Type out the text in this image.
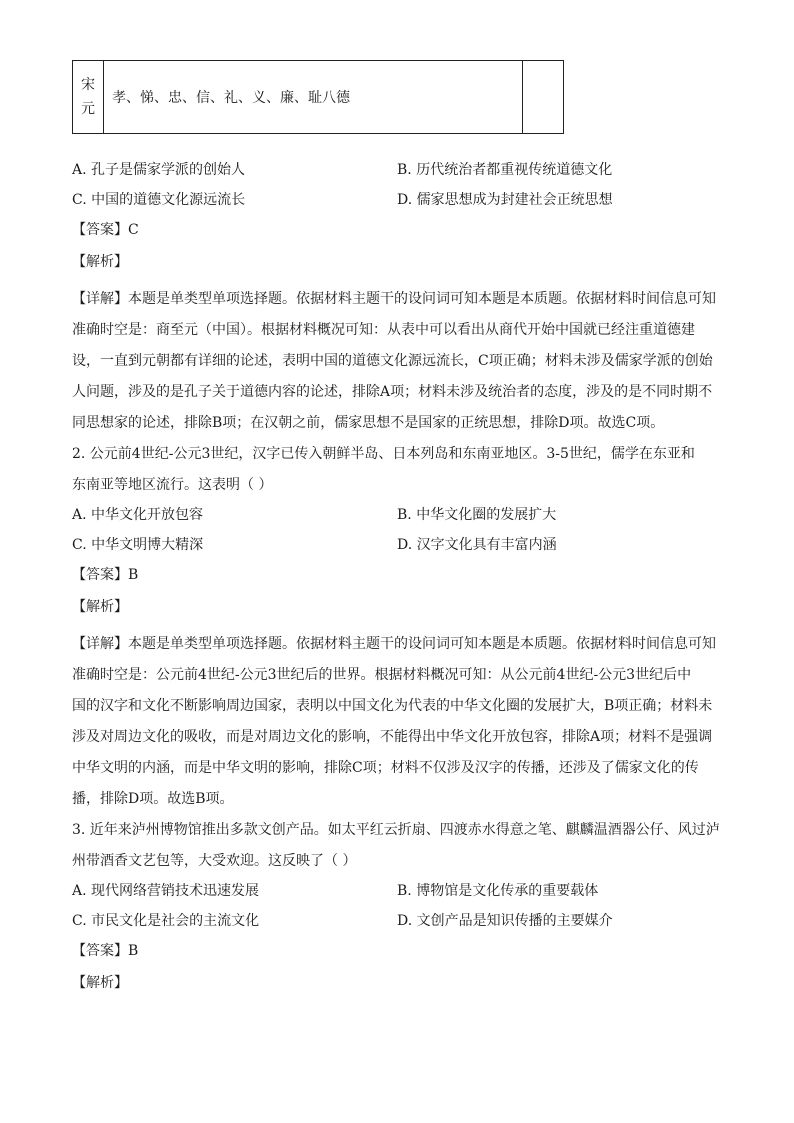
宋
元	孝、悌、忠、信、礼、义、廉、耻八德	
A. 孔子是儒家学派的创始人	B. 历代统治者都重视传统道德文化
C. 中国的道德文化源远流长	D. 儒家思想成为封建社会正统思想
【答案】C
【解析】

【详解】本题是单类型单项选择题。依据材料主题干的设问词可知本题是本质题。依据材料时间信息可知

准确时空是：商至元（中国）。根据材料概况可知：从表中可以看出从商代开始中国就已经注重道德建

设，一直到元朝都有详细的论述，表明中国的道德文化源远流长，C项正确；材料未涉及儒家学派的创始

人问题，涉及的是孔子关于道德内容的论述，排除A项；材料未涉及统治者的态度，涉及的是不同时期不

同思想家的论述，排除B项；在汉朝之前，儒家思想不是国家的正统思想，排除D项。故选C项。

2. 公元前4世纪-公元3世纪，汉字已传入朝鲜半岛、日本列岛和东南亚地区。3-5世纪，儒学在东亚和

东南亚等地区流行。这表明（ ）

A. 中华文化开放包容	B. 中华文化圈的发展扩大
C. 中华文明博大精深	D. 汉字文化具有丰富内涵
【答案】B
【解析】

【详解】本题是单类型单项选择题。依据材料主题干的设问词可知本题是本质题。依据材料时间信息可知

准确时空是：公元前4世纪-公元3世纪后的世界。根据材料概况可知：从公元前4世纪-公元3世纪后中

国的汉字和文化不断影响周边国家，表明以中国文化为代表的中华文化圈的发展扩大，B项正确；材料未

涉及对周边文化的吸收，而是对周边文化的影响，不能得出中华文化开放包容，排除A项；材料不是强调

中华文明的内涵，而是中华文明的影响，排除C项；材料不仅涉及汉字的传播，还涉及了儒家文化的传

播，排除D项。故选B项。

3. 近年来泸州博物馆推出多款文创产品。如太平红云折扇、四渡赤水得意之笔、麒麟温酒器公仔、风过泸

州带酒香文艺包等，大受欢迎。这反映了（ ）

A. 现代网络营销技术迅速发展	B. 博物馆是文化传承的重要载体
C. 市民文化是社会的主流文化	D. 文创产品是知识传播的主要媒介
【答案】B
【解析】
